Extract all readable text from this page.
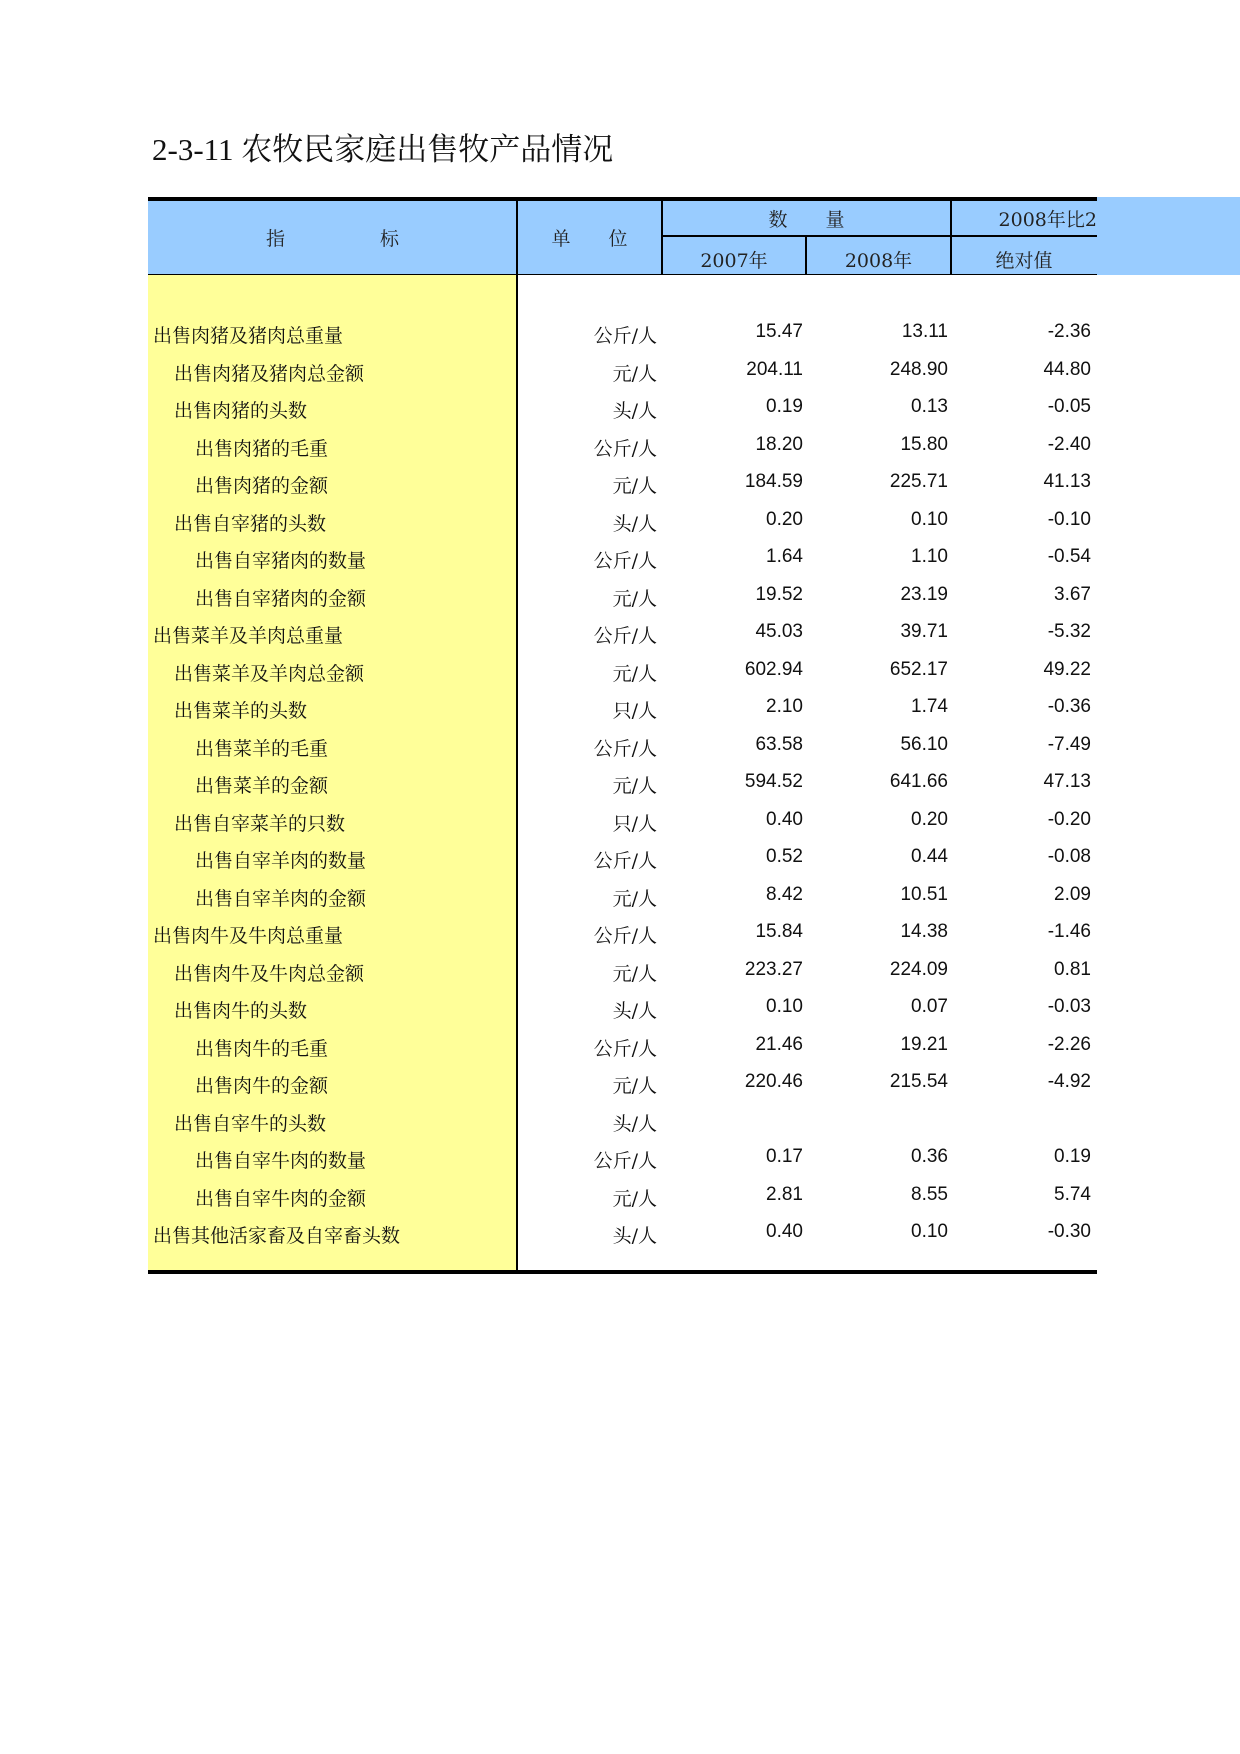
2-3-11 农牧民家庭出售牧产品情况
指　　　　　标	单　　位
数　　量
2007年	2008年
2008年比2
绝对值
出售肉猪及猪肉总重量	公斤/人	15.47	13.11	-2.36
出售肉猪及猪肉总金额	元/人	204.11	248.90	44.80
出售肉猪的头数	头/人	0.19	0.13	-0.05
出售肉猪的毛重	公斤/人	18.20	15.80	-2.40
出售肉猪的金额	元/人	184.59	225.71	41.13
出售自宰猪的头数	头/人	0.20	0.10	-0.10
出售自宰猪肉的数量	公斤/人	1.64	1.10	-0.54
出售自宰猪肉的金额	元/人	19.52	23.19	3.67
出售菜羊及羊肉总重量	公斤/人	45.03	39.71	-5.32
出售菜羊及羊肉总金额	元/人	602.94	652.17	49.22
出售菜羊的头数	只/人	2.10	1.74	-0.36
出售菜羊的毛重	公斤/人	63.58	56.10	-7.49
出售菜羊的金额	元/人	594.52	641.66	47.13
出售自宰菜羊的只数	只/人	0.40	0.20	-0.20
出售自宰羊肉的数量	公斤/人	0.52	0.44	-0.08
出售自宰羊肉的金额	元/人	8.42	10.51	2.09
出售肉牛及牛肉总重量	公斤/人	15.84	14.38	-1.46
出售肉牛及牛肉总金额	元/人	223.27	224.09	0.81
出售肉牛的头数	头/人	0.10	0.07	-0.03
出售肉牛的毛重	公斤/人	21.46	19.21	-2.26
出售肉牛的金额	元/人	220.46	215.54	-4.92
出售自宰牛的头数	头/人
出售自宰牛肉的数量	公斤/人	0.17	0.36	0.19
出售自宰牛肉的金额	元/人	2.81	8.55	5.74
出售其他活家畜及自宰畜头数	头/人	0.40	0.10	-0.30
